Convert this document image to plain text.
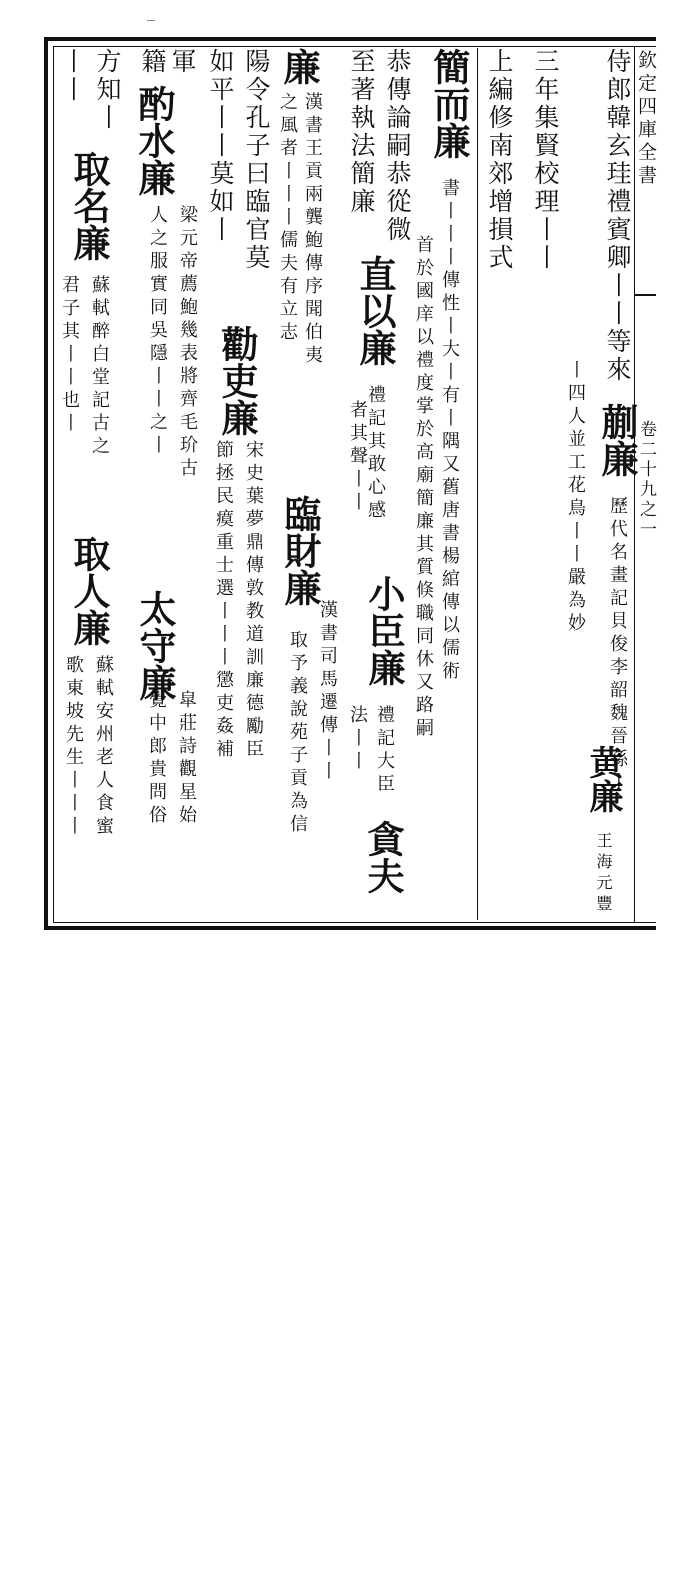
欽定四庫全書
卷二十九之一
侍郎韓玄珪禮賓卿丨丨等來 蒯廉 歷代名畫記貝俊李韶魏晉孫丨
丨四人並工花鳥丨丨嚴為妙
黄廉 王海元豐
三年集賢校理丨丨
上編修南郊增損式
簡而廉 書丨丨丨傳性丨大丨有丨隅又舊唐書楊綰傳以儒術
首於國庠以禮度掌於高廟簡廉其質倏職同休又路嗣
恭傳論嗣恭從微
直以廉 禮記其敢心感
至著執法簡廉
者其聲丨丨
小臣廉 禮記大臣
法丨丨
貪夫
廉
漢書王貢兩龔鮑傳序聞伯夷
之風者丨丨丨儒夫有立志
臨財廉
漢書司馬遷傳丨丨
取予義說苑子貢為信
陽令孔子曰臨官莫
如平丨丨莫如丨
勸吏廉
宋史葉夢鼎傳敦教道訓廉德勵臣
節拯民瘼重士選丨丨丨懲吏姦補
軍
籍
酌水廉
梁元帝薦鮑幾表將齊毛玠古
人之服實同吳隱丨丨之丨
太守廉
皐莊詩觀星始
覺中郎貴問俗
方知丨
丨丨
取名廉
蘇軾醉白堂記古之
君子其丨丨也丨
取人廉
蘇軾安州老人食蜜
歌東坡先生丨丨丨
